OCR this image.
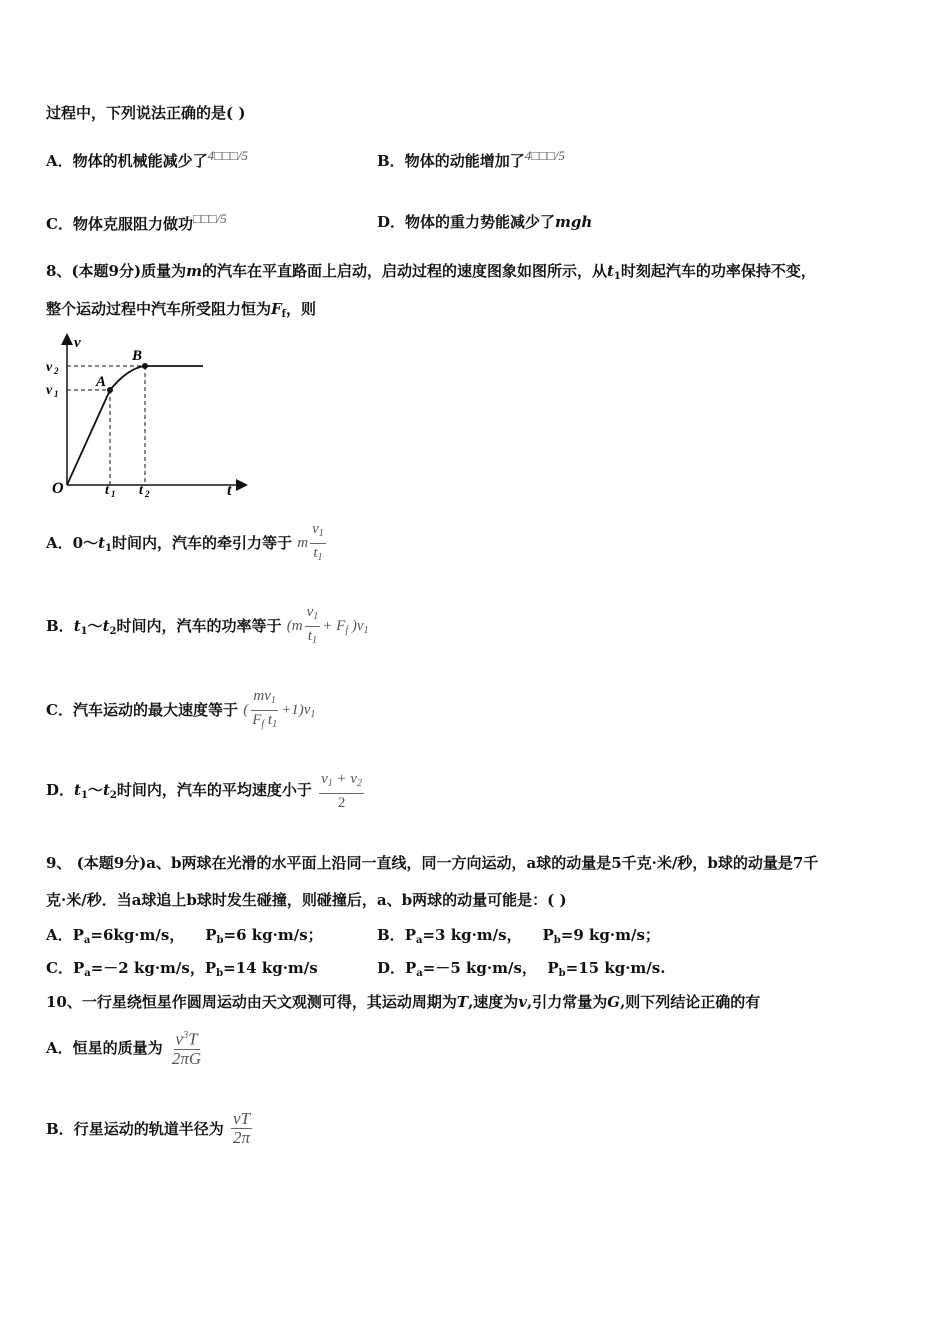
过程中，下列说法正确的是( )
A．物体的机械能减少了4□□□/5	B．物体的动能增加了4□□□/5
C．物体克服阻力做功□□□/5	D．物体的重力势能减少了mgh
8、(本题9分)质量为m的汽车在平直路面上启动，启动过程的速度图象如图所示，从$t_1$时刻起汽车的功率保持不变，
整个运动过程中汽车所受阻力恒为$F_f$，则
v
t
O
A
B
v 2
v 1
t 1 t 2
A．$0\sim t_1$时间内，汽车的牵引力等于 m $\frac{v_1}{t_1}$
B．$t_1\sim t_2$时间内，汽车的功率等于 ($m \frac{v_1}{t_1} + F_f$ )$v_1$
C．汽车运动的最大速度等于 ( $\frac{mv_1}{F_f t_1} +1)v_1$
D．$t_1\sim t_2$时间内，汽车的平均速度小于 $\frac{v_1 + v_2}{2}$
9、 (本题9分)a、b两球在光滑的水平面上沿同一直线，同一方向运动，a球的动量是5千克·米/秒，b球的动量是7千
克·米/秒．当a球追上b球时发生碰撞，则碰撞后，a、b两球的动量可能是：( )
A．$P_a=6kg\cdot m/s$，    $P_b=6$ kg·m/s；	B．$P_a=3$ kg·m/s，    $P_b=9$ kg·m/s；
C．$P_a=-2$ kg·m/s，$P_b=14$ kg·m/s	D．$P_a=-5$ kg·m/s，  $P_b=15$ kg·m/s.
10、一行星绕恒星作圆周运动由天文观测可得，其运动周期为T,速度为v,引力常量为G,则下列结论正确的有
A．恒星的质量为 $\frac{v^3T}{2\pi G}$
B．行星运动的轨道半径为 $\frac{vT}{2\pi}$
